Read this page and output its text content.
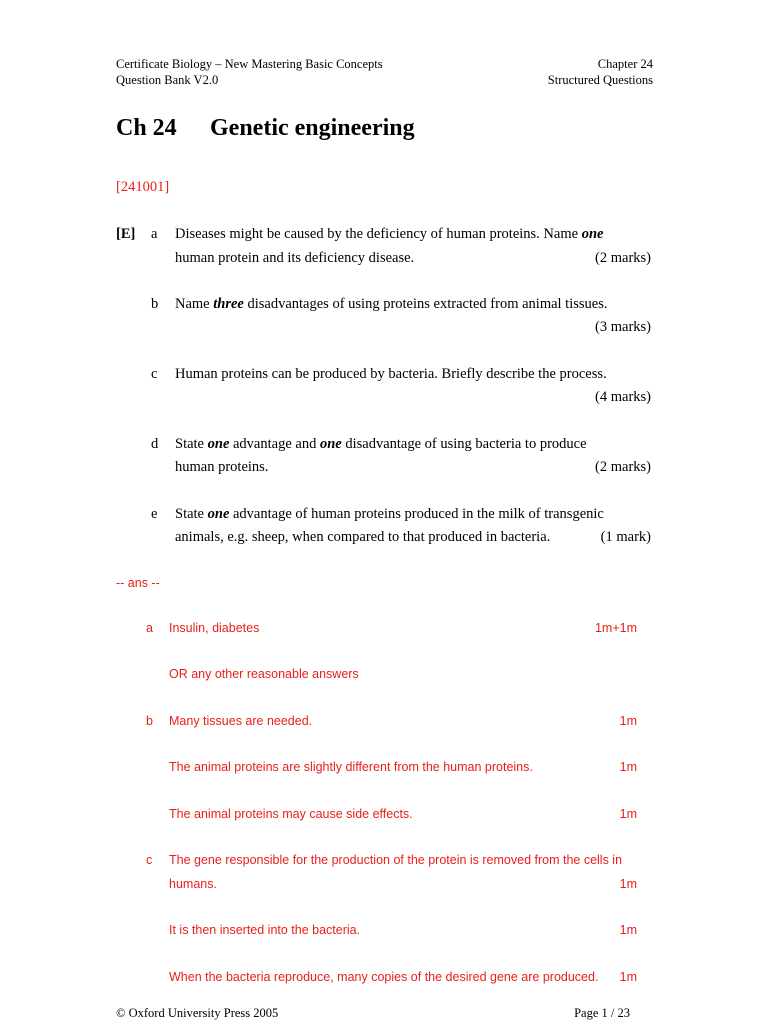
Certificate Biology – New Mastering Basic Concepts
Question Bank V2.0
Chapter 24
Structured Questions
Ch 24 Genetic engineering
[241001]
[E] a Diseases might be caused by the deficiency of human proteins. Name one
human protein and its deficiency disease.	(2 marks)
b Name three disadvantages of using proteins extracted from animal tissues.
(3 marks)
c Human proteins can be produced by bacteria. Briefly describe the process.
(4 marks)
d State one advantage and one disadvantage of using bacteria to produce
human proteins.	(2 marks)
e State one advantage of human proteins produced in the milk of transgenic
animals, e.g. sheep, when compared to that produced in bacteria.	(1 mark)
-- ans --
a Insulin, diabetes	1m+1m
OR any other reasonable answers
b Many tissues are needed.	1m
The animal proteins are slightly different from the human proteins.	1m
The animal proteins may cause side effects.	1m
c The gene responsible for the production of the protein is removed from the cells in
humans.	1m
It is then inserted into the bacteria.	1m
When the bacteria reproduce, many copies of the desired gene are produced. 1m
© Oxford University Press 2005	Page 1 / 23
